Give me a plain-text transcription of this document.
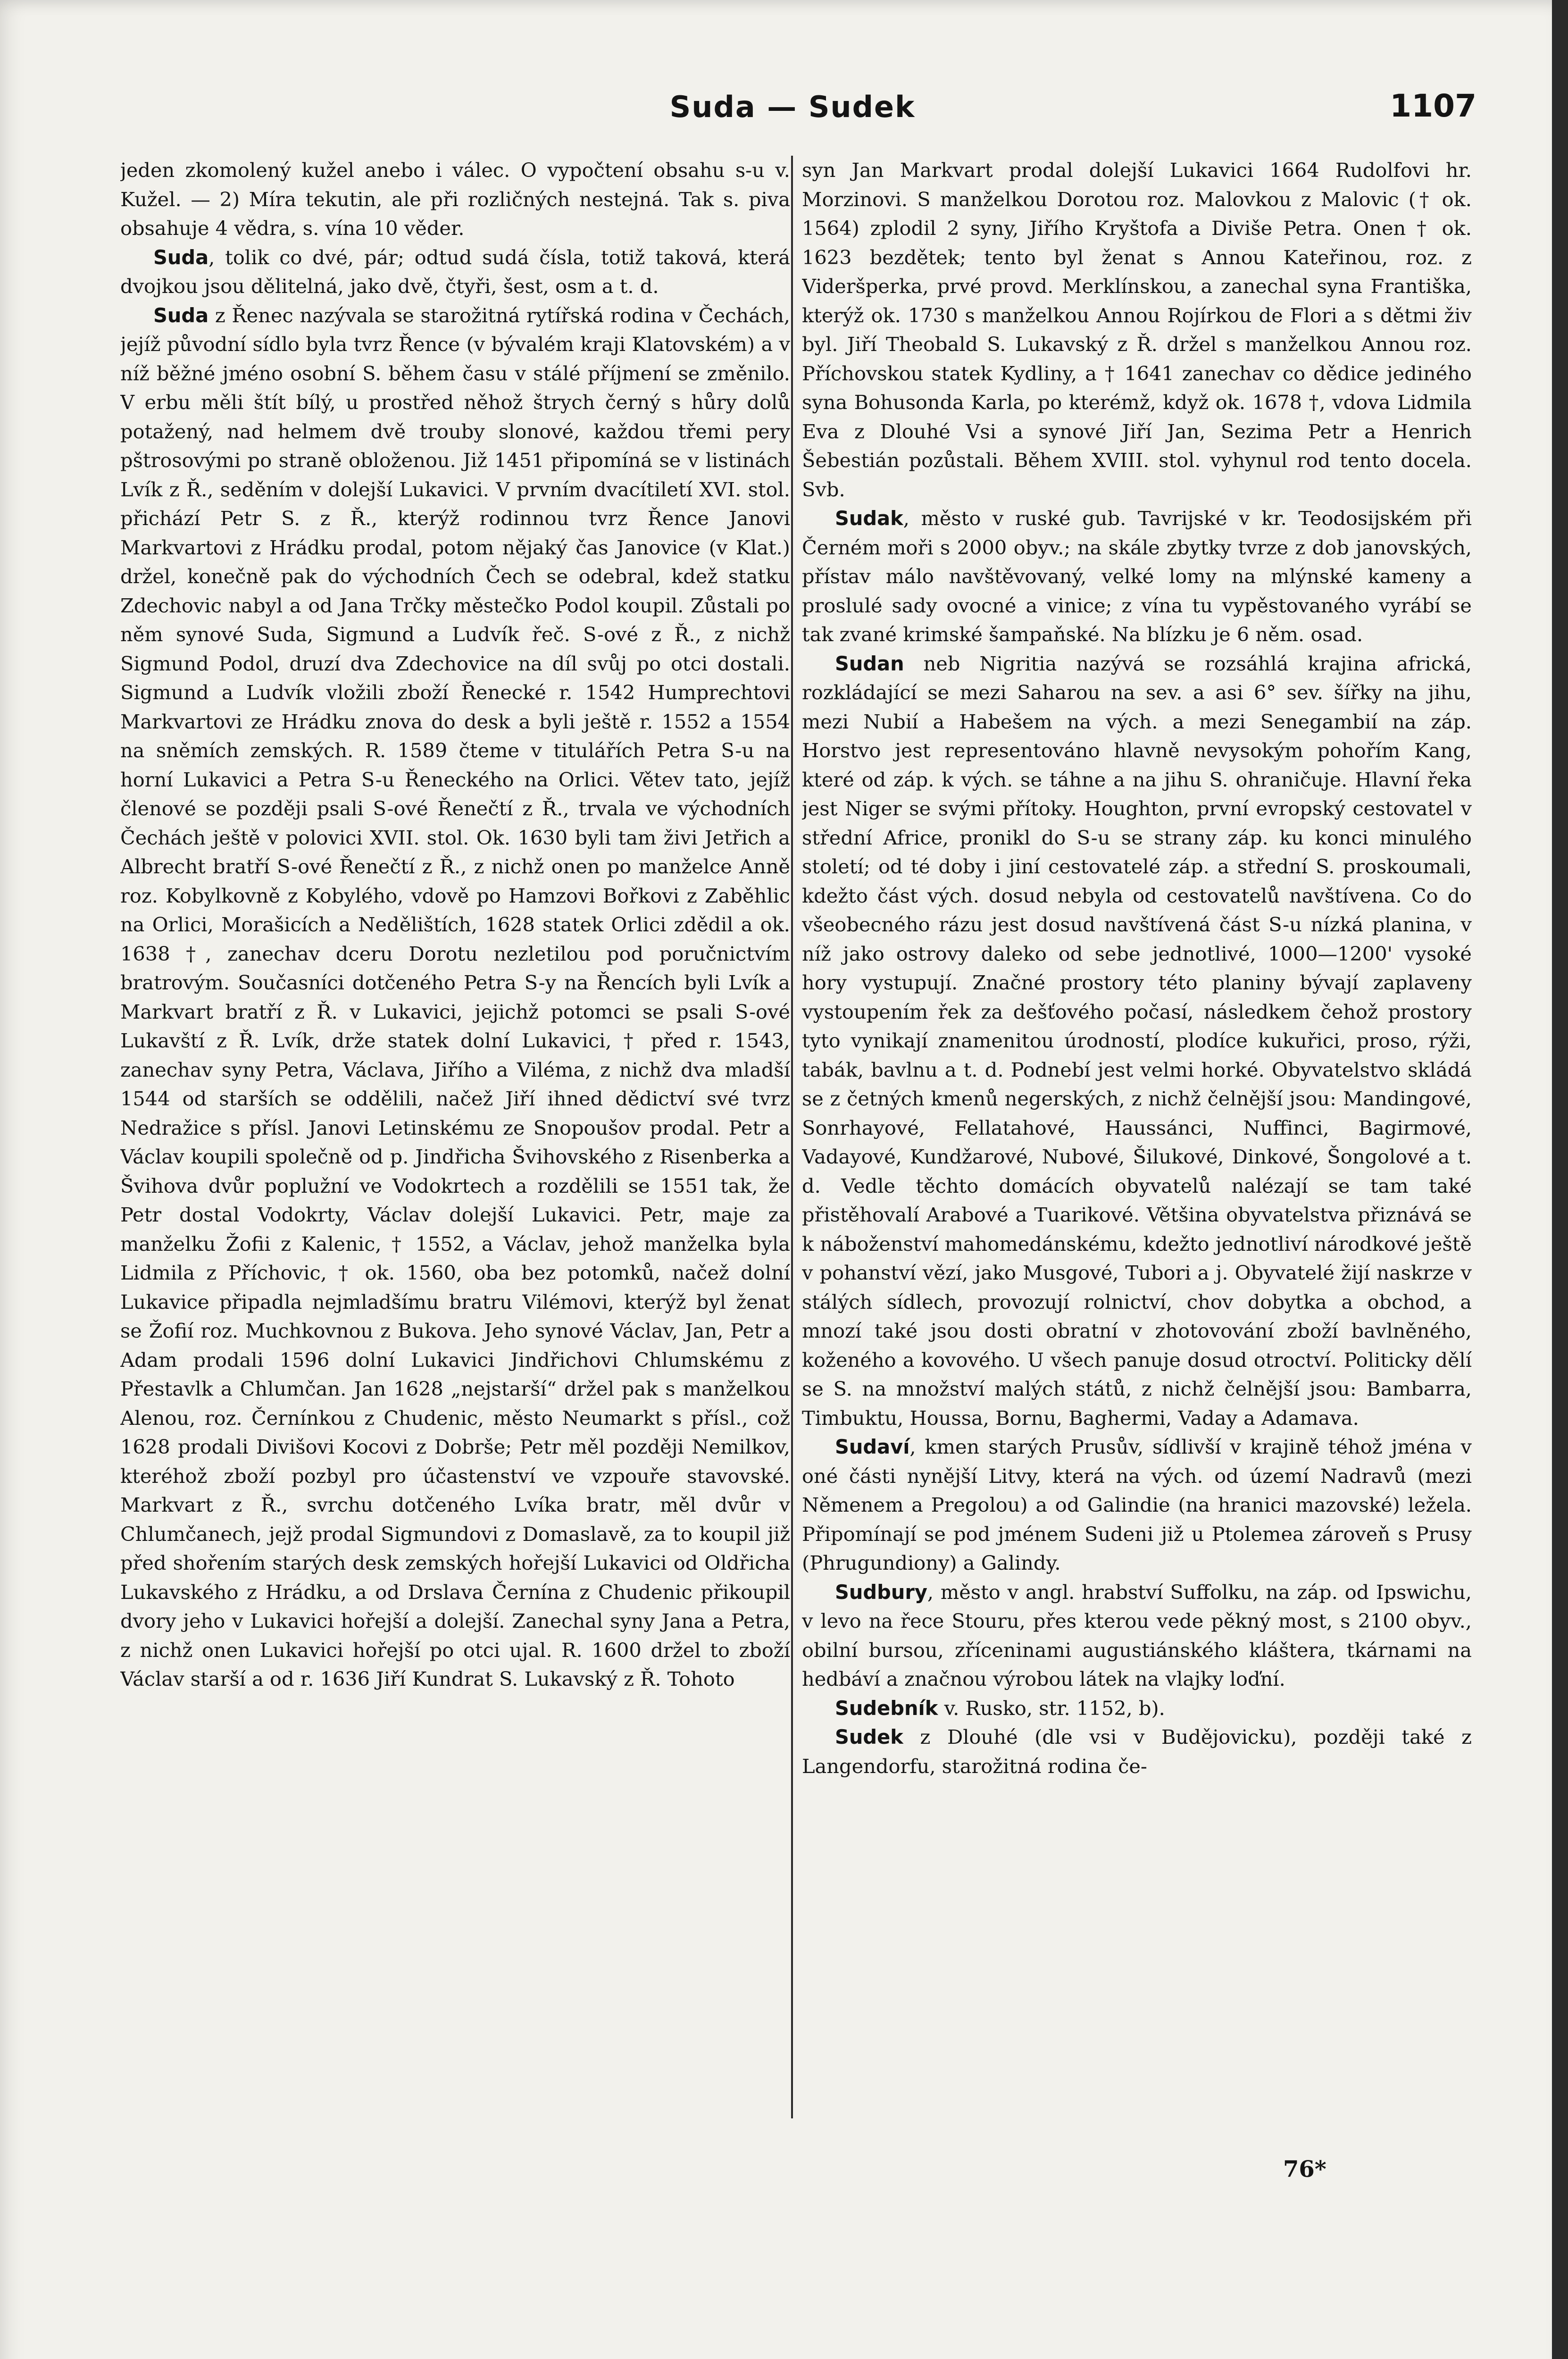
Suda — Sudek	1107

jeden zkomolený kužel anebo i válec. O vypočtení obsahu s-u v. Kužel. — 2) Míra tekutin, ale při rozličných nestejná. Tak s. piva obsahuje 4 vědra, s. vína 10 věder.

Suda, tolik co dvé, pár; odtud sudá čísla, totiž taková, která dvojkou jsou dělitelná, jako dvě, čtyři, šest, osm a t. d.

Suda z Řenec nazývala se starožitná rytířská rodina v Čechách, jejíž původní sídlo byla tvrz Řence (v bývalém kraji Klatovském) a v níž běžné jméno osobní S. během času v stálé příjmení se změnilo. V erbu měli štít bílý, u prostřed něhož štrych černý s hůry dolů potažený, nad helmem dvě trouby slonové, každou třemi pery pštrosovými po straně obloženou. Již 1451 připomíná se v listinách Lvík z Ř., seděním v dolejší Lukavici. V prvním dvacítiletí XVI. stol. přichází Petr S. z Ř., kterýž rodinnou tvrz Řence Janovi Markvartovi z Hrádku prodal, potom nějaký čas Janovice (v Klat.) držel, konečně pak do východních Čech se odebral, kdež statku Zdechovic nabyl a od Jana Trčky městečko Podol koupil. Zůstali po něm synové Suda, Sigmund a Ludvík řeč. S-ové z Ř., z nichž Sigmund Podol, druzí dva Zdechovice na díl svůj po otci dostali. Sigmund a Ludvík vložili zboží Řenecké r. 1542 Humprechtovi Markvartovi ze Hrádku znova do desk a byli ještě r. 1552 a 1554 na sněmích zemských. R. 1589 čteme v titulářích Petra S-u na horní Lukavici a Petra S-u Řeneckého na Orlici. Větev tato, jejíž členové se později psali S-ové Řenečtí z Ř., trvala ve východních Čechách ještě v polovici XVII. stol. Ok. 1630 byli tam živi Jetřich a Albrecht bratří S-ové Řenečtí z Ř., z nichž onen po manželce Anně roz. Kobylkovně z Kobylého, vdově po Hamzovi Bořkovi z Zaběhlic na Orlici, Morašicích a Nedělištích, 1628 statek Orlici zdědil a ok. 1638 †, zanechav dceru Dorotu nezletilou pod poručnictvím bratrovým. Současníci dotčeného Petra S-y na Řencích byli Lvík a Markvart bratří z Ř. v Lukavici, jejichž potomci se psali S-ové Lukavští z Ř. Lvík, drže statek dolní Lukavici, † před r. 1543, zanechav syny Petra, Václava, Jiřího a Viléma, z nichž dva mladší 1544 od starších se oddělili, načež Jiří ihned dědictví své tvrz Nedražice s přísl. Janovi Letinskému ze Snopoušov prodal. Petr a Václav koupili společně od p. Jindřicha Švihovského z Risenberka a Švihova dvůr poplužní ve Vodokrtech a rozdělili se 1551 tak, že Petr dostal Vodokrty, Václav dolejší Lukavici. Petr, maje za manželku Žofii z Kalenic, † 1552, a Václav, jehož manželka byla Lidmila z Příchovic, † ok. 1560, oba bez potomků, načež dolní Lukavice připadla nejmladšímu bratru Vilémovi, kterýž byl ženat se Žofií roz. Muchkovnou z Bukova. Jeho synové Václav, Jan, Petr a Adam prodali 1596 dolní Lukavici Jindřichovi Chlumskému z Přestavlk a Chlumčan. Jan 1628 „nejstarší“ držel pak s manželkou Alenou, roz. Černínkou z Chudenic, město Neumarkt s přísl., což 1628 prodali Divišovi Kocovi z Dobrše; Petr měl později Nemilkov, kteréhož zboží pozbyl pro účastenství ve vzpouře stavovské. Markvart z Ř., svrchu dotčeného Lvíka bratr, měl dvůr v Chlumčanech, jejž prodal Sigmundovi z Domaslavě, za to koupil již před shořením starých desk zemských hořejší Lukavici od Oldřicha Lukavského z Hrádku, a od Drslava Černína z Chudenic přikoupil dvory jeho v Lukavici hořejší a dolejší. Zanechal syny Jana a Petra, z nichž onen Lukavici hořejší po otci ujal. R. 1600 držel to zboží Václav starší a od r. 1636 Jiří Kundrat S. Lukavský z Ř. Tohoto

syn Jan Markvart prodal dolejší Lukavici 1664 Rudolfovi hr. Morzinovi. S manželkou Dorotou roz. Malovkou z Malovic († ok. 1564) zplodil 2 syny, Jiřího Kryštofa a Diviše Petra. Onen † ok. 1623 bezdětek; tento byl ženat s Annou Kateřinou, roz. z Videršperka, prvé provd. Merklínskou, a zanechal syna Františka, kterýž ok. 1730 s manželkou Annou Rojírkou de Flori a s dětmi živ byl. Jiří Theobald S. Lukavský z Ř. držel s manželkou Annou roz. Příchovskou statek Kydliny, a † 1641 zanechav co dědice jediného syna Bohusonda Karla, po kterémž, když ok. 1678 †, vdova Lidmila Eva z Dlouhé Vsi a synové Jiří Jan, Sezima Petr a Henrich Šebestián pozůstali. Během XVIII. stol. vyhynul rod tento docela. Svb.

Sudak, město v ruské gub. Tavrijské v kr. Teodosijském při Černém moři s 2000 obyv.; na skále zbytky tvrze z dob janovských, přístav málo navštěvovaný, velké lomy na mlýnské kameny a proslulé sady ovocné a vinice; z vína tu vypěstovaného vyrábí se tak zvané krimské šampaňské. Na blízku je 6 něm. osad.

Sudan neb Nigritia nazývá se rozsáhlá krajina africká, rozkládající se mezi Saharou na sev. a asi 6° sev. šířky na jihu, mezi Nubií a Habešem na vých. a mezi Senegambií na záp. Horstvo jest representováno hlavně nevysokým pohořím Kang, které od záp. k vých. se táhne a na jihu S. ohraničuje. Hlavní řeka jest Niger se svými přítoky. Houghton, první evropský cestovatel v střední Africe, pronikl do S-u se strany záp. ku konci minulého století; od té doby i jiní cestovatelé záp. a střední S. proskoumali, kdežto část vých. dosud nebyla od cestovatelů navštívena. Co do všeobecného rázu jest dosud navštívená část S-u nízká planina, v níž jako ostrovy daleko od sebe jednotlivé, 1000—1200' vysoké hory vystupují. Značné prostory této planiny bývají zaplaveny vystoupením řek za dešťového počasí, následkem čehož prostory tyto vynikají znamenitou úrodností, plodíce kukuřici, proso, rýži, tabák, bavlnu a t. d. Podnebí jest velmi horké. Obyvatelstvo skládá se z četných kmenů negerských, z nichž čelnější jsou: Mandingové, Sonrhayové, Fellatahové, Haussánci, Nuffinci, Bagirmové, Vadayové, Kundžarové, Nubové, Šilukové, Dinkové, Šongolové a t. d. Vedle těchto domácích obyvatelů nalézají se tam také přistěhovalí Arabové a Tuarikové. Většina obyvatelstva přiznává se k náboženství mahomedánskému, kdežto jednotliví národkové ještě v pohanství vězí, jako Musgové, Tubori a j. Obyvatelé žijí naskrze v stálých sídlech, provozují rolnictví, chov dobytka a obchod, a mnozí také jsou dosti obratní v zhotovování zboží bavlněného, koženého a kovového. U všech panuje dosud otroctví. Politicky dělí se S. na množství malých států, z nichž čelnější jsou: Bambarra, Timbuktu, Houssa, Bornu, Baghermi, Vaday a Adamava.

Sudaví, kmen starých Prusův, sídlivší v krajině téhož jména v oné části nynější Litvy, která na vých. od území Nadravů (mezi Němenem a Pregolou) a od Galindie (na hranici mazovské) ležela. Připomínají se pod jménem Sudeni již u Ptolemea zároveň s Prusy (Phrugundiony) a Galindy.

Sudbury, město v angl. hrabství Suffolku, na záp. od Ipswichu, v levo na řece Stouru, přes kterou vede pěkný most, s 2100 obyv., obilní bursou, zříceninami augustiánského kláštera, tkárnami na hedbáví a značnou výrobou látek na vlajky loďní.

Sudebník v. Rusko, str. 1152, b).

Sudek z Dlouhé (dle vsi v Budějovicku), později také z Langendorfu, starožitná rodina če-

76*
